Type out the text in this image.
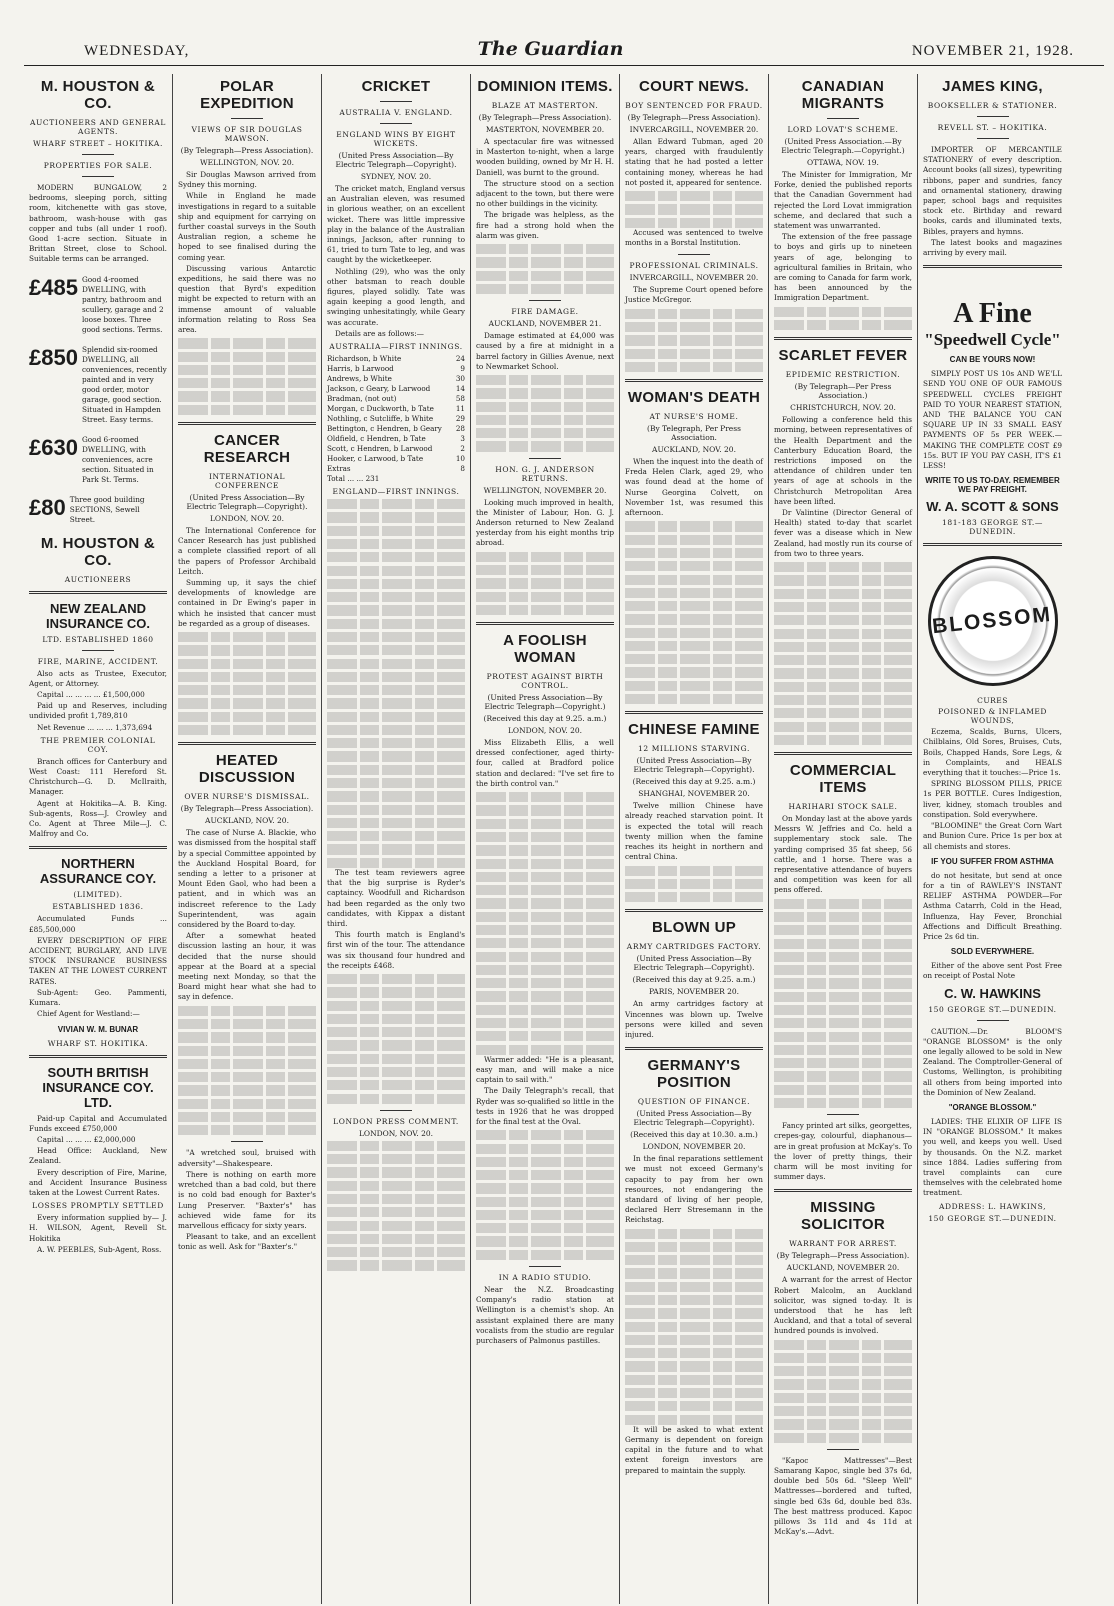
WEDNESDAY,	The Guardian	NOVEMBER 21, 1928.
M. HOUSTON & CO.
AUCTIONEERS AND GENERAL AGENTS.
WHARF STREET – HOKITIKA.
PROPERTIES FOR SALE.

MODERN BUNGALOW, 2 bedrooms, sleeping porch, sitting room, kitchenette with gas stove, bathroom, wash-house with gas copper and tubs (all under 1 roof). Good 1-acre section. Situate in Brittan Street, close to School. Suitable terms can be arranged.

£485 Good 4-roomed DWELLING, with pantry, bathroom and scullery, garage and 2 loose boxes. Three good sections. Terms.
£850 Splendid six-roomed DWELLING, all conveniences, recently painted and in very good order, motor garage, good section. Situated in Hampden Street. Easy terms.
£630 Good 6-roomed DWELLING, with conveniences, acre section. Situated in Park St. Terms.
£80 Three good building SECTIONS, Sewell Street.
M. HOUSTON & CO.
AUCTIONEERS
NEW ZEALAND INSURANCE CO.
LTD. ESTABLISHED 1860
FIRE, MARINE, ACCIDENT.

Also acts as Trustee, Executor, Agent, or Attorney.

Capital ... ... ... ... £1,500,000

Paid up and Reserves, including undivided profit 1,789,810

Net Revenue ... ... ... 1,373,694

THE PREMIER COLONIAL COY.

Branch offices for Canterbury and West Coast: 111 Hereford St. Christchurch—G. D. McIlraith, Manager.

Agent at Hokitika—A. B. King. Sub-agents, Ross—J. Crowley and Co. Agent at Three Mile—J. C. Malfroy and Co.

NORTHERN ASSURANCE COY.
(LIMITED).
ESTABLISHED 1836.

Accumulated Funds ... £85,500,000

EVERY DESCRIPTION OF FIRE ACCIDENT, BURGLARY, AND LIVE STOCK INSURANCE BUSINESS TAKEN AT THE LOWEST CURRENT RATES.

Sub-Agent: Geo. Pammenti, Kumara.

Chief Agent for Westland:—

VIVIAN W. M. BUNAR
WHARF ST. HOKITIKA.
SOUTH BRITISH INSURANCE COY. LTD.

Paid-up Capital and Accumulated Funds exceed £750,000

Capital ... ... ... £2,000,000

Head Office: Auckland, New Zealand.

Every description of Fire, Marine, and Accident Insurance Business taken at the Lowest Current Rates.

LOSSES PROMPTLY SETTLED

Every information supplied by— J. H. WILSON, Agent, Revell St. Hokitika

A. W. PEEBLES, Sub-Agent, Ross.

POLAR EXPEDITION
VIEWS OF SIR DOUGLAS MAWSON.
(By Telegraph—Press Association).
WELLINGTON, NOV. 20.

Sir Douglas Mawson arrived from Sydney this morning.

While in England he made investigations in regard to a suitable ship and equipment for carrying on further coastal surveys in the South Australian region, a scheme he hoped to see finalised during the coming year.

Discussing various Antarctic expeditions, he said there was no question that Byrd's expedition might be expected to return with an immense amount of valuable information relating to Ross Sea area.

CANCER RESEARCH
INTERNATIONAL CONFERENCE
(United Press Association—By Electric Telegraph—Copyright).
LONDON, NOV. 20.

The International Conference for Cancer Research has just published a complete classified report of all the papers of Professor Archibald Leitch.

Summing up, it says the chief developments of knowledge are contained in Dr Ewing's paper in which he insisted that cancer must be regarded as a group of diseases.

HEATED DISCUSSION
OVER NURSE'S DISMISSAL.
(By Telegraph—Press Association).
AUCKLAND, NOV. 20.

The case of Nurse A. Blackie, who was dismissed from the hospital staff by a special Committee appointed by the Auckland Hospital Board, for sending a letter to a prisoner at Mount Eden Gaol, who had been a patient, and in which was an indiscreet reference to the Lady Superintendent, was again considered by the Board to-day.

After a somewhat heated discussion lasting an hour, it was decided that the nurse should appear at the Board at a special meeting next Monday, so that the Board might hear what she had to say in defence.

"A wretched soul, bruised with adversity"—Shakespeare.

There is nothing on earth more wretched than a bad cold, but there is no cold bad enough for Baxter's Lung Preserver. "Baxter's" has achieved wide fame for its marvellous efficacy for sixty years.

Pleasant to take, and an excellent tonic as well. Ask for "Baxter's."

CRICKET
AUSTRALIA V. ENGLAND.
ENGLAND WINS BY EIGHT WICKETS.
(United Press Association—By Electric Telegraph—Copyright).
SYDNEY, NOV. 20.

The cricket match, England versus an Australian eleven, was resumed in glorious weather, on an excellent wicket. There was little impressive play in the balance of the Australian innings, Jackson, after running to 61, tried to turn Tate to leg, and was caught by the wicketkeeper.

Nothling (29), who was the only other batsman to reach double figures, played solidly. Tate was again keeping a good length, and swinging unhesitatingly, while Geary was accurate.

Details are as follows:—

AUSTRALIA—FIRST INNINGS.
Richardson, b White	24
Harris, b Larwood	9
Andrews, b White	30
Jackson, c Geary, b Larwood	14
Bradman, (not out)	58
Morgan, c Duckworth, b Tate	11
Nothling, c Sutcliffe, b White	29
Bettington, c Hendren, b Geary 28
Oldfield, c Hendren, b Tate	3
Scott, c Hendren, b Larwood	2
Hooker, c Larwood, b Tate	10
Extras	8
Total ... ... 231
ENGLAND—FIRST INNINGS.

The test team reviewers agree that the big surprise is Ryder's captaincy. Woodfull and Richardson had been regarded as the only two candidates, with Kippax a distant third.

This fourth match is England's first win of the tour. The attendance was six thousand four hundred and the receipts £468.

LONDON PRESS COMMENT.
LONDON, NOV. 20.
DOMINION ITEMS.
BLAZE AT MASTERTON.
(By Telegraph—Press Association).
MASTERTON, NOVEMBER 20.

A spectacular fire was witnessed in Masterton to-night, when a large wooden building, owned by Mr H. H. Daniell, was burnt to the ground.

The structure stood on a section adjacent to the town, but there were no other buildings in the vicinity.

The brigade was helpless, as the fire had a strong hold when the alarm was given.

FIRE DAMAGE.
AUCKLAND, NOVEMBER 21.

Damage estimated at £4,000 was caused by a fire at midnight in a barrel factory in Gillies Avenue, next to Newmarket School.

HON. G. J. ANDERSON RETURNS.
WELLINGTON, NOVEMBER 20.

Looking much improved in health, the Minister of Labour, Hon. G. J. Anderson returned to New Zealand yesterday from his eight months trip abroad.

A FOOLISH WOMAN
PROTEST AGAINST BIRTH CONTROL.
(United Press Association—By Electric Telegraph—Copyright.)
(Received this day at 9.25. a.m.)
LONDON, NOV. 20.

Miss Elizabeth Ellis, a well dressed confectioner, aged thirty-four, called at Bradford police station and declared: "I've set fire to the birth control van."

Warmer added: "He is a pleasant, easy man, and will make a nice captain to sail with."

The Daily Telegraph's recall, that Ryder was so-qualified so little in the tests in 1926 that he was dropped for the final test at the Oval.

IN A RADIO STUDIO.

Near the N.Z. Broadcasting Company's radio station at Wellington is a chemist's shop. An assistant explained there are many vocalists from the studio are regular purchasers of Palmonus pastilles.

COURT NEWS.
BOY SENTENCED FOR FRAUD.
(By Telegraph—Press Association).
INVERCARGILL, NOVEMBER 20.

Allan Edward Tubman, aged 20 years, charged with fraudulently stating that he had posted a letter containing money, whereas he had not posted it, appeared for sentence.

Accused was sentenced to twelve months in a Borstal Institution.

PROFESSIONAL CRIMINALS.
INVERCARGILL, NOVEMBER 20.

The Supreme Court opened before Justice McGregor.

WOMAN'S DEATH
AT NURSE'S HOME.
(By Telegraph, Per Press Association.
AUCKLAND, NOV. 20.

When the inquest into the death of Freda Helen Clark, aged 29, who was found dead at the home of Nurse Georgina Colvett, on November 1st, was resumed this afternoon.

CHINESE FAMINE
12 MILLIONS STARVING.
(United Press Association—By Electric Telegraph—Copyright).
(Received this day at 9.25. a.m.)
SHANGHAI, NOVEMBER 20.

Twelve million Chinese have already reached starvation point. It is expected the total will reach twenty million when the famine reaches its height in northern and central China.

BLOWN UP
ARMY CARTRIDGES FACTORY.
(United Press Association—By Electric Telegraph—Copyright).
(Received this day at 9.25. a.m.)
PARIS, NOVEMBER 20.

An army cartridges factory at Vincennes was blown up. Twelve persons were killed and seven injured.

GERMANY'S POSITION
QUESTION OF FINANCE.
(United Press Association—By Electric Telegraph—Copyright).
(Received this day at 10.30. a.m.)
LONDON, NOVEMBER 20.

In the final reparations settlement we must not exceed Germany's capacity to pay from her own resources, not endangering the standard of living of her people, declared Herr Stresemann in the Reichstag.

It will be asked to what extent Germany is dependent on foreign capital in the future and to what extent foreign investors are prepared to maintain the supply.

CANADIAN MIGRANTS
LORD LOVAT'S SCHEME.
(United Press Association.—By Electric Telegraph.—Copyright.)
OTTAWA, NOV. 19.

The Minister for Immigration, Mr Forke, denied the published reports that the Canadian Government had rejected the Lord Lovat immigration scheme, and declared that such a statement was unwarranted.

The extension of the free passage to boys and girls up to nineteen years of age, belonging to agricultural families in Britain, who are coming to Canada for farm work, has been announced by the Immigration Department.

SCARLET FEVER
EPIDEMIC RESTRICTION.
(By Telegraph—Per Press Association.)
CHRISTCHURCH, NOV. 20.

Following a conference held this morning, between representatives of the Health Department and the Canterbury Education Board, the restrictions imposed on the attendance of children under ten years of age at schools in the Christchurch Metropolitan Area have been lifted.

Dr Valintine (Director General of Health) stated to-day that scarlet fever was a disease which in New Zealand, had mostly run its course of from two to three years.

COMMERCIAL ITEMS
HARIHARI STOCK SALE.

On Monday last at the above yards Messrs W. Jeffries and Co. held a supplementary stock sale. The yarding comprised 35 fat sheep, 56 cattle, and 1 horse. There was a representative attendance of buyers and competition was keen for all pens offered.

Fancy printed art silks, georgettes, crepes-gay, colourful, diaphanous—are in great profusion at McKay's. To the lover of pretty things, their charm will be most inviting for summer days.

MISSING SOLICITOR
WARRANT FOR ARREST.
(By Telegraph—Press Association).
AUCKLAND, NOVEMBER 20.

A warrant for the arrest of Hector Robert Malcolm, an Auckland solicitor, was signed to-day. It is understood that he has left Auckland, and that a total of several hundred pounds is involved.

"Kapoc Mattresses"—Best Samarang Kapoc, single bed 37s 6d, double bed 50s 6d. "Sleep Well" Mattresses—bordered and tufted, single bed 63s 6d, double bed 83s. The best mattress produced. Kapoc pillows 3s 11d and 4s 11d at McKay's.—Advt.

JAMES KING,
BOOKSELLER & STATIONER.
REVELL ST. – HOKITIKA.

IMPORTER OF MERCANTILE STATIONERY of every description. Account books (all sizes), typewriting ribbons, paper and sundries, fancy and ornamental stationery, drawing paper, school bags and requisites stock etc. Birthday and reward books, cards and illuminated texts, Bibles, prayers and hymns.

The latest books and magazines arriving by every mail.

A Fine
"Speedwell Cycle"
CAN BE YOURS NOW!

SIMPLY POST US 10s AND WE'LL SEND YOU ONE OF OUR FAMOUS SPEEDWELL CYCLES FREIGHT PAID TO YOUR NEAREST STATION, AND THE BALANCE YOU CAN SQUARE UP IN 33 SMALL EASY PAYMENTS OF 5s PER WEEK.—MAKING THE COMPLETE COST £9 15s. BUT IF YOU PAY CASH, IT'S £1 LESS!

WRITE TO US TO-DAY. REMEMBER WE PAY FREIGHT.
W. A. SCOTT & SONS
181-183 GEORGE ST.—DUNEDIN.
BLOSSOM
CURES
POISONED & INFLAMED WOUNDS,

Eczema, Scalds, Burns, Ulcers, Chilblains, Old Sores, Bruises, Cuts, Boils, Chapped Hands, Sore Legs, & in Complaints, and HEALS everything that it touches:—Price 1s.

SPRING BLOSSOM PILLS, PRICE 1s PER BOTTLE. Cures Indigestion, liver, kidney, stomach troubles and constipation. Sold everywhere.

"BLOOMINE" the Great Corn Wart and Bunion Cure. Price 1s per box at all chemists and stores.

IF YOU SUFFER FROM ASTHMA

do not hesitate, but send at once for a tin of RAWLEY'S INSTANT RELIEF ASTHMA POWDER—For Asthma Catarrh, Cold in the Head, Influenza, Hay Fever, Bronchial Affections and Difficult Breathing. Price 2s 6d tin.

SOLD EVERYWHERE.

Either of the above sent Post Free on receipt of Postal Note

C. W. HAWKINS
150 GEORGE ST.—DUNEDIN.

CAUTION.—Dr. BLOOM'S "ORANGE BLOSSOM" is the only one legally allowed to be sold in New Zealand. The Comptroller-General of Customs, Wellington, is prohibiting all others from being imported into the Dominion of New Zealand.

"ORANGE BLOSSOM."

LADIES: THE ELIXIR OF LIFE IS IN "ORANGE BLOSSOM." It makes you well, and keeps you well. Used by thousands. On the N.Z. market since 1884. Ladies suffering from travel complaints can cure themselves with the celebrated home treatment.

ADDRESS: L. HAWKINS,
150 GEORGE ST.—DUNEDIN.
